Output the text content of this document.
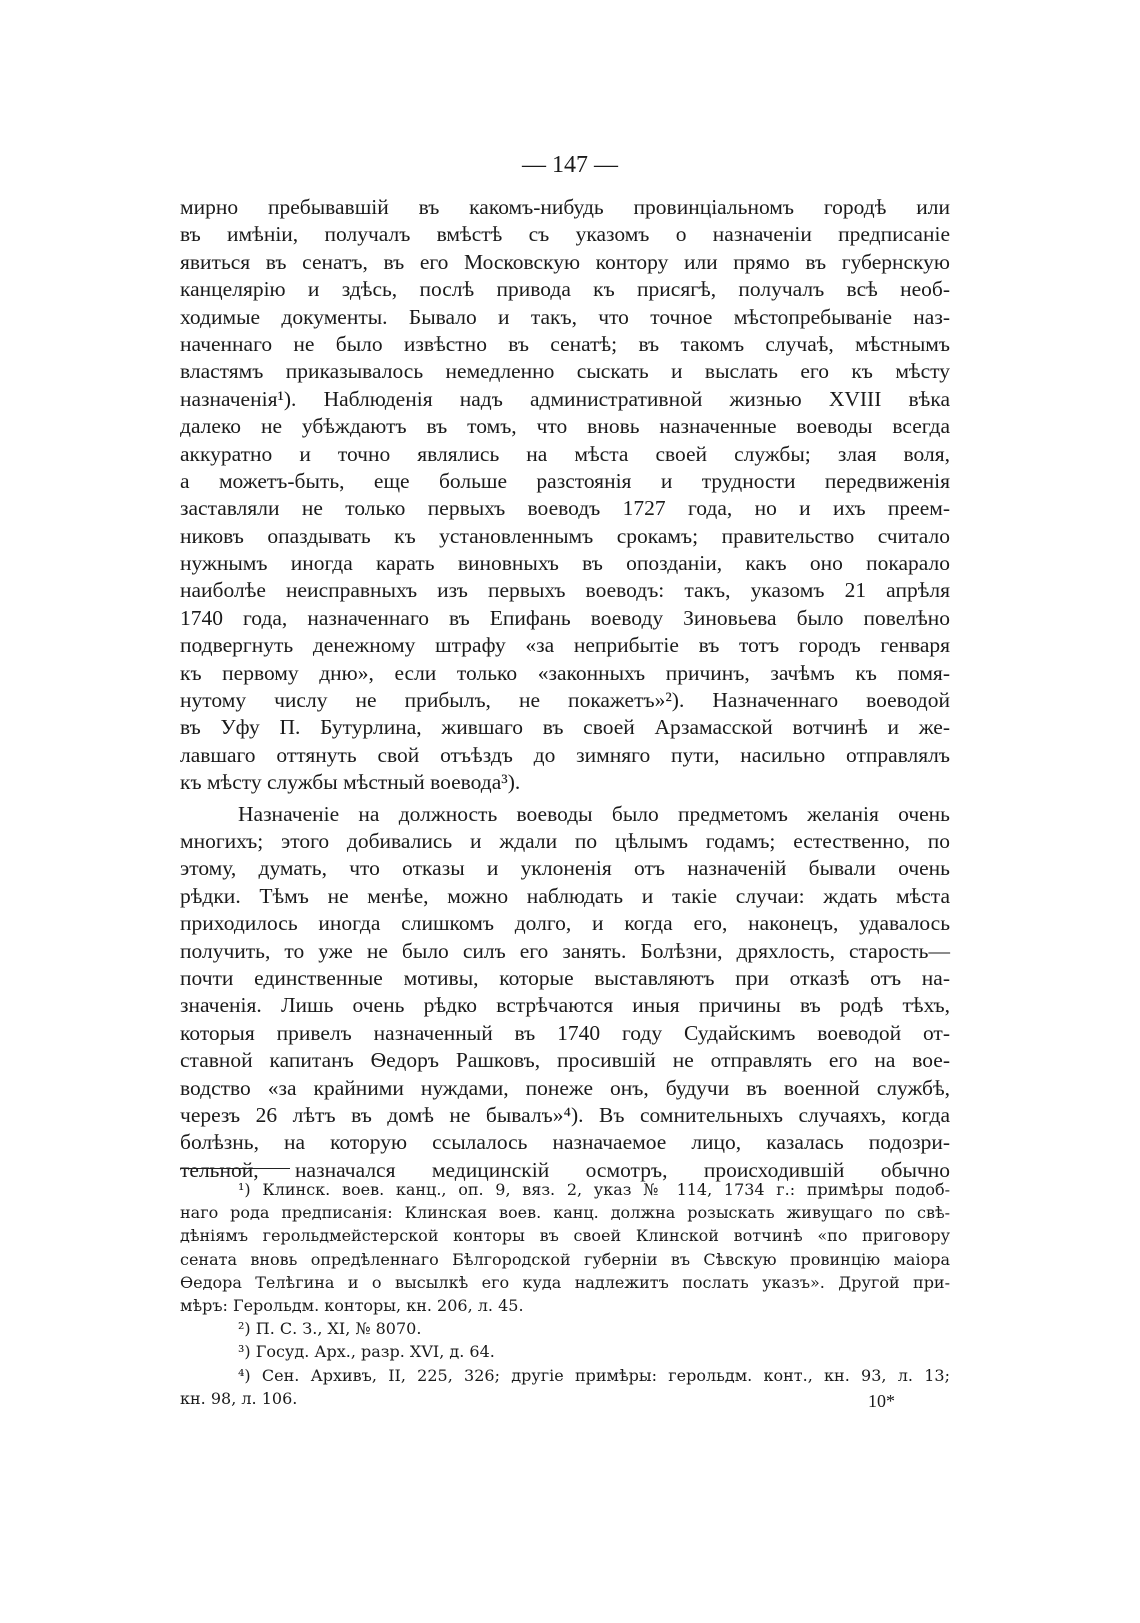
— 147 —
мирно пребывавшій въ какомъ-нибудь провинціальномъ городѣ или
въ имѣніи, получалъ вмѣстѣ съ указомъ о назначеніи предписаніе
явиться въ сенатъ, въ его Московскую контору или прямо въ губернскую
канцелярію и здѣсь, послѣ привода къ присягѣ, получалъ всѣ необ-
ходимые документы. Бывало и такъ, что точное мѣстопребываніе наз-
наченнаго не было извѣстно въ сенатѣ; въ такомъ случаѣ, мѣстнымъ
властямъ приказывалось немедленно сыскать и выслать его къ мѣсту
назначенія¹). Наблюденія надъ административной жизнью XVIII вѣка
далеко не убѣждаютъ въ томъ, что вновь назначенные воеводы всегда
аккуратно и точно являлись на мѣста своей службы; злая воля,
а можетъ-быть, еще больше разстоянія и трудности передвиженія
заставляли не только первыхъ воеводъ 1727 года, но и ихъ преем-
никовъ опаздывать къ установленнымъ срокамъ; правительство считало
нужнымъ иногда карать виновныхъ въ опозданіи, какъ оно покарало
наиболѣе неисправныхъ изъ первыхъ воеводъ: такъ, указомъ 21 апрѣля
1740 года, назначеннаго въ Епифань воеводу Зиновьева было повелѣно
подвергнуть денежному штрафу «за неприбытіе въ тотъ городъ генваря
къ первому дню», если только «законныхъ причинъ, зачѣмъ къ помя-
нутому числу не прибылъ, не покажетъ»²). Назначеннаго воеводой
въ Уфу П. Бутурлина, жившаго въ своей Арзамасской вотчинѣ и же-
лавшаго оттянуть свой отъѣздъ до зимняго пути, насильно отправлялъ
къ мѣсту службы мѣстный воевода³).
Назначеніе на должность воеводы было предметомъ желанія очень
многихъ; этого добивались и ждали по цѣлымъ годамъ; естественно, по
этому, думать, что отказы и уклоненія отъ назначеній бывали очень
рѣдки. Тѣмъ не менѣе, можно наблюдать и такіе случаи: ждать мѣста
приходилось иногда слишкомъ долго, и когда его, наконецъ, удавалось
получить, то уже не было силъ его занять. Болѣзни, дряхлость, старость—
почти единственные мотивы, которые выставляютъ при отказѣ отъ на-
значенія. Лишь очень рѣдко встрѣчаются иныя причины въ родѣ тѣхъ,
которыя привелъ назначенный въ 1740 году Судайскимъ воеводой от-
ставной капитанъ Ѳедоръ Рашковъ, просившій не отправлять его на вое-
водство «за крайними нуждами, понеже онъ, будучи въ военной службѣ,
черезъ 26 лѣтъ въ домѣ не бывалъ»⁴). Въ сомнительныхъ случаяхъ, когда
болѣзнь, на которую ссылалось назначаемое лицо, казалась подозри-
тельной, назначался медицинскій осмотръ, происходившій обычно
¹) Клинск. воев. канц., оп. 9, вяз. 2, указ № 114, 1734 г.: примѣры подоб-
наго рода предписанія: Клинская воев. канц. должна розыскать живущаго по свѣ-
дѣніямъ герольдмейстерской конторы въ своей Клинской вотчинѣ «по приговору
сената вновь опредѣленнаго Бѣлгородской губерніи въ Сѣвскую провинцію маіора
Ѳедора Телѣгина и о высылкѣ его куда надлежитъ послать указъ». Другой при-
мѣръ: Герольдм. конторы, кн. 206, л. 45.
²) П. С. З., XI, № 8070.
³) Госуд. Арх., разр. XVI, д. 64.
⁴) Сен. Архивъ, II, 225, 326; другіе примѣры: герольдм. конт., кн. 93, л. 13;
кн. 98, л. 106.	10*
